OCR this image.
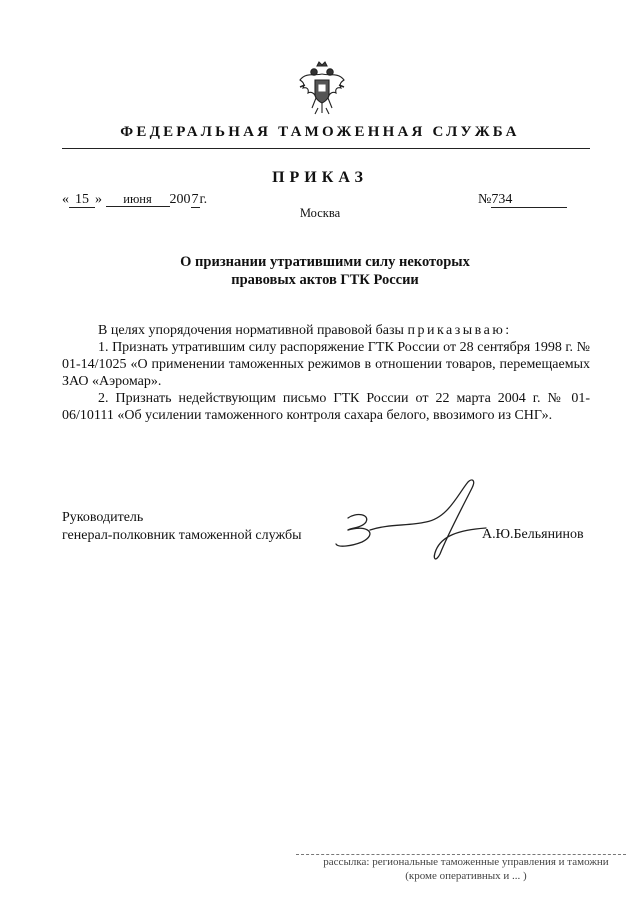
ФЕДЕРАЛЬНАЯ ТАМОЖЕННАЯ СЛУЖБА
ПРИКАЗ
« 15 » июня 2007г.	№734
Москва
О признании утратившими силу некоторых
правовых актов ГТК России

В целях упорядочения нормативной правовой базы приказываю:

1. Признать утратившим силу распоряжение ГТК России от 28 сентября 1998 г. № 01-14/1025 «О применении таможенных режимов в отношении товаров, перемещаемых ЗАО «Аэромар».

2. Признать недействующим письмо ГТК России от 22 марта 2004 г. № 01-06/10111 «Об усилении таможенного контроля сахара белого, ввозимого из СНГ».

Руководитель
генерал-полковник таможенной службы	А.Ю.Бельянинов
рассылка: региональные таможенные управления и таможни
(кроме оперативных и ... )
